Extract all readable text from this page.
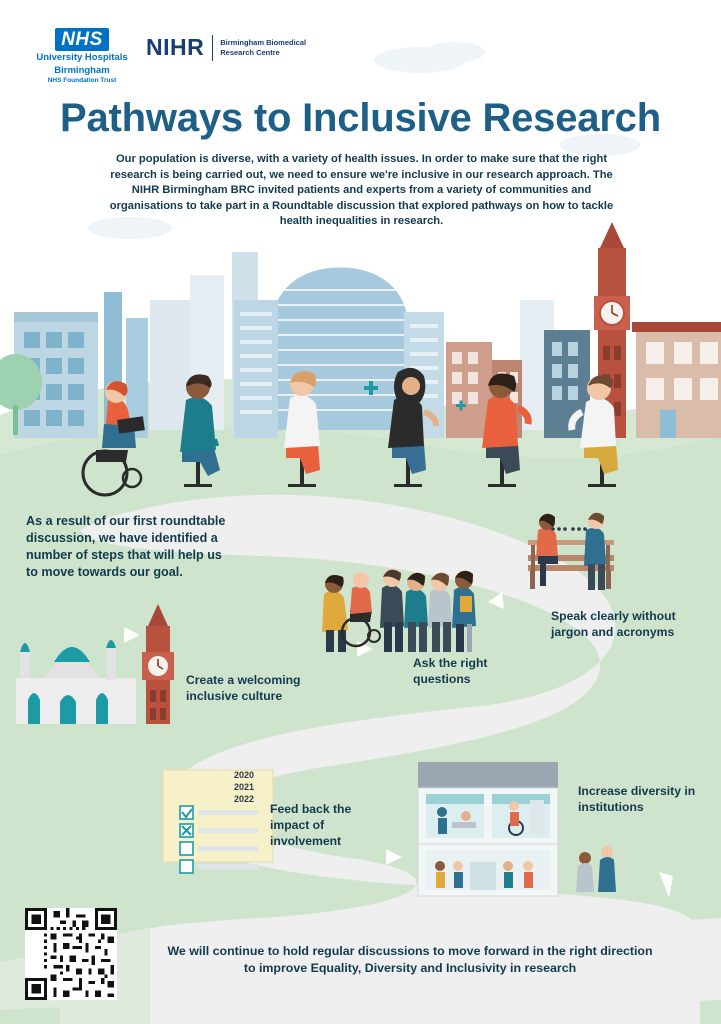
2020
2021
2022
NHS
University Hospitals
Birmingham
NHS Foundation Trust
NIHR Birmingham Biomedical
Research Centre
Pathways to Inclusive Research
Our population is diverse, with a variety of health issues. In order to make sure that the right research is being carried out, we need to ensure we're inclusive in our research approach. The NIHR Birmingham BRC invited patients and experts from a variety of communities and organisations to take part in a Roundtable discussion that explored pathways on how to tackle health inequalities in research.
As a result of our first roundtable discussion, we have identified a number of steps that will help us to move towards our goal.
Create a welcoming inclusive culture
Ask the right questions
Speak clearly without jargon and acronyms
Feed back the impact of involvement
Increase diversity in institutions
We will continue to hold regular discussions to move forward in the right direction to improve Equality, Diversity and Inclusivity in research
